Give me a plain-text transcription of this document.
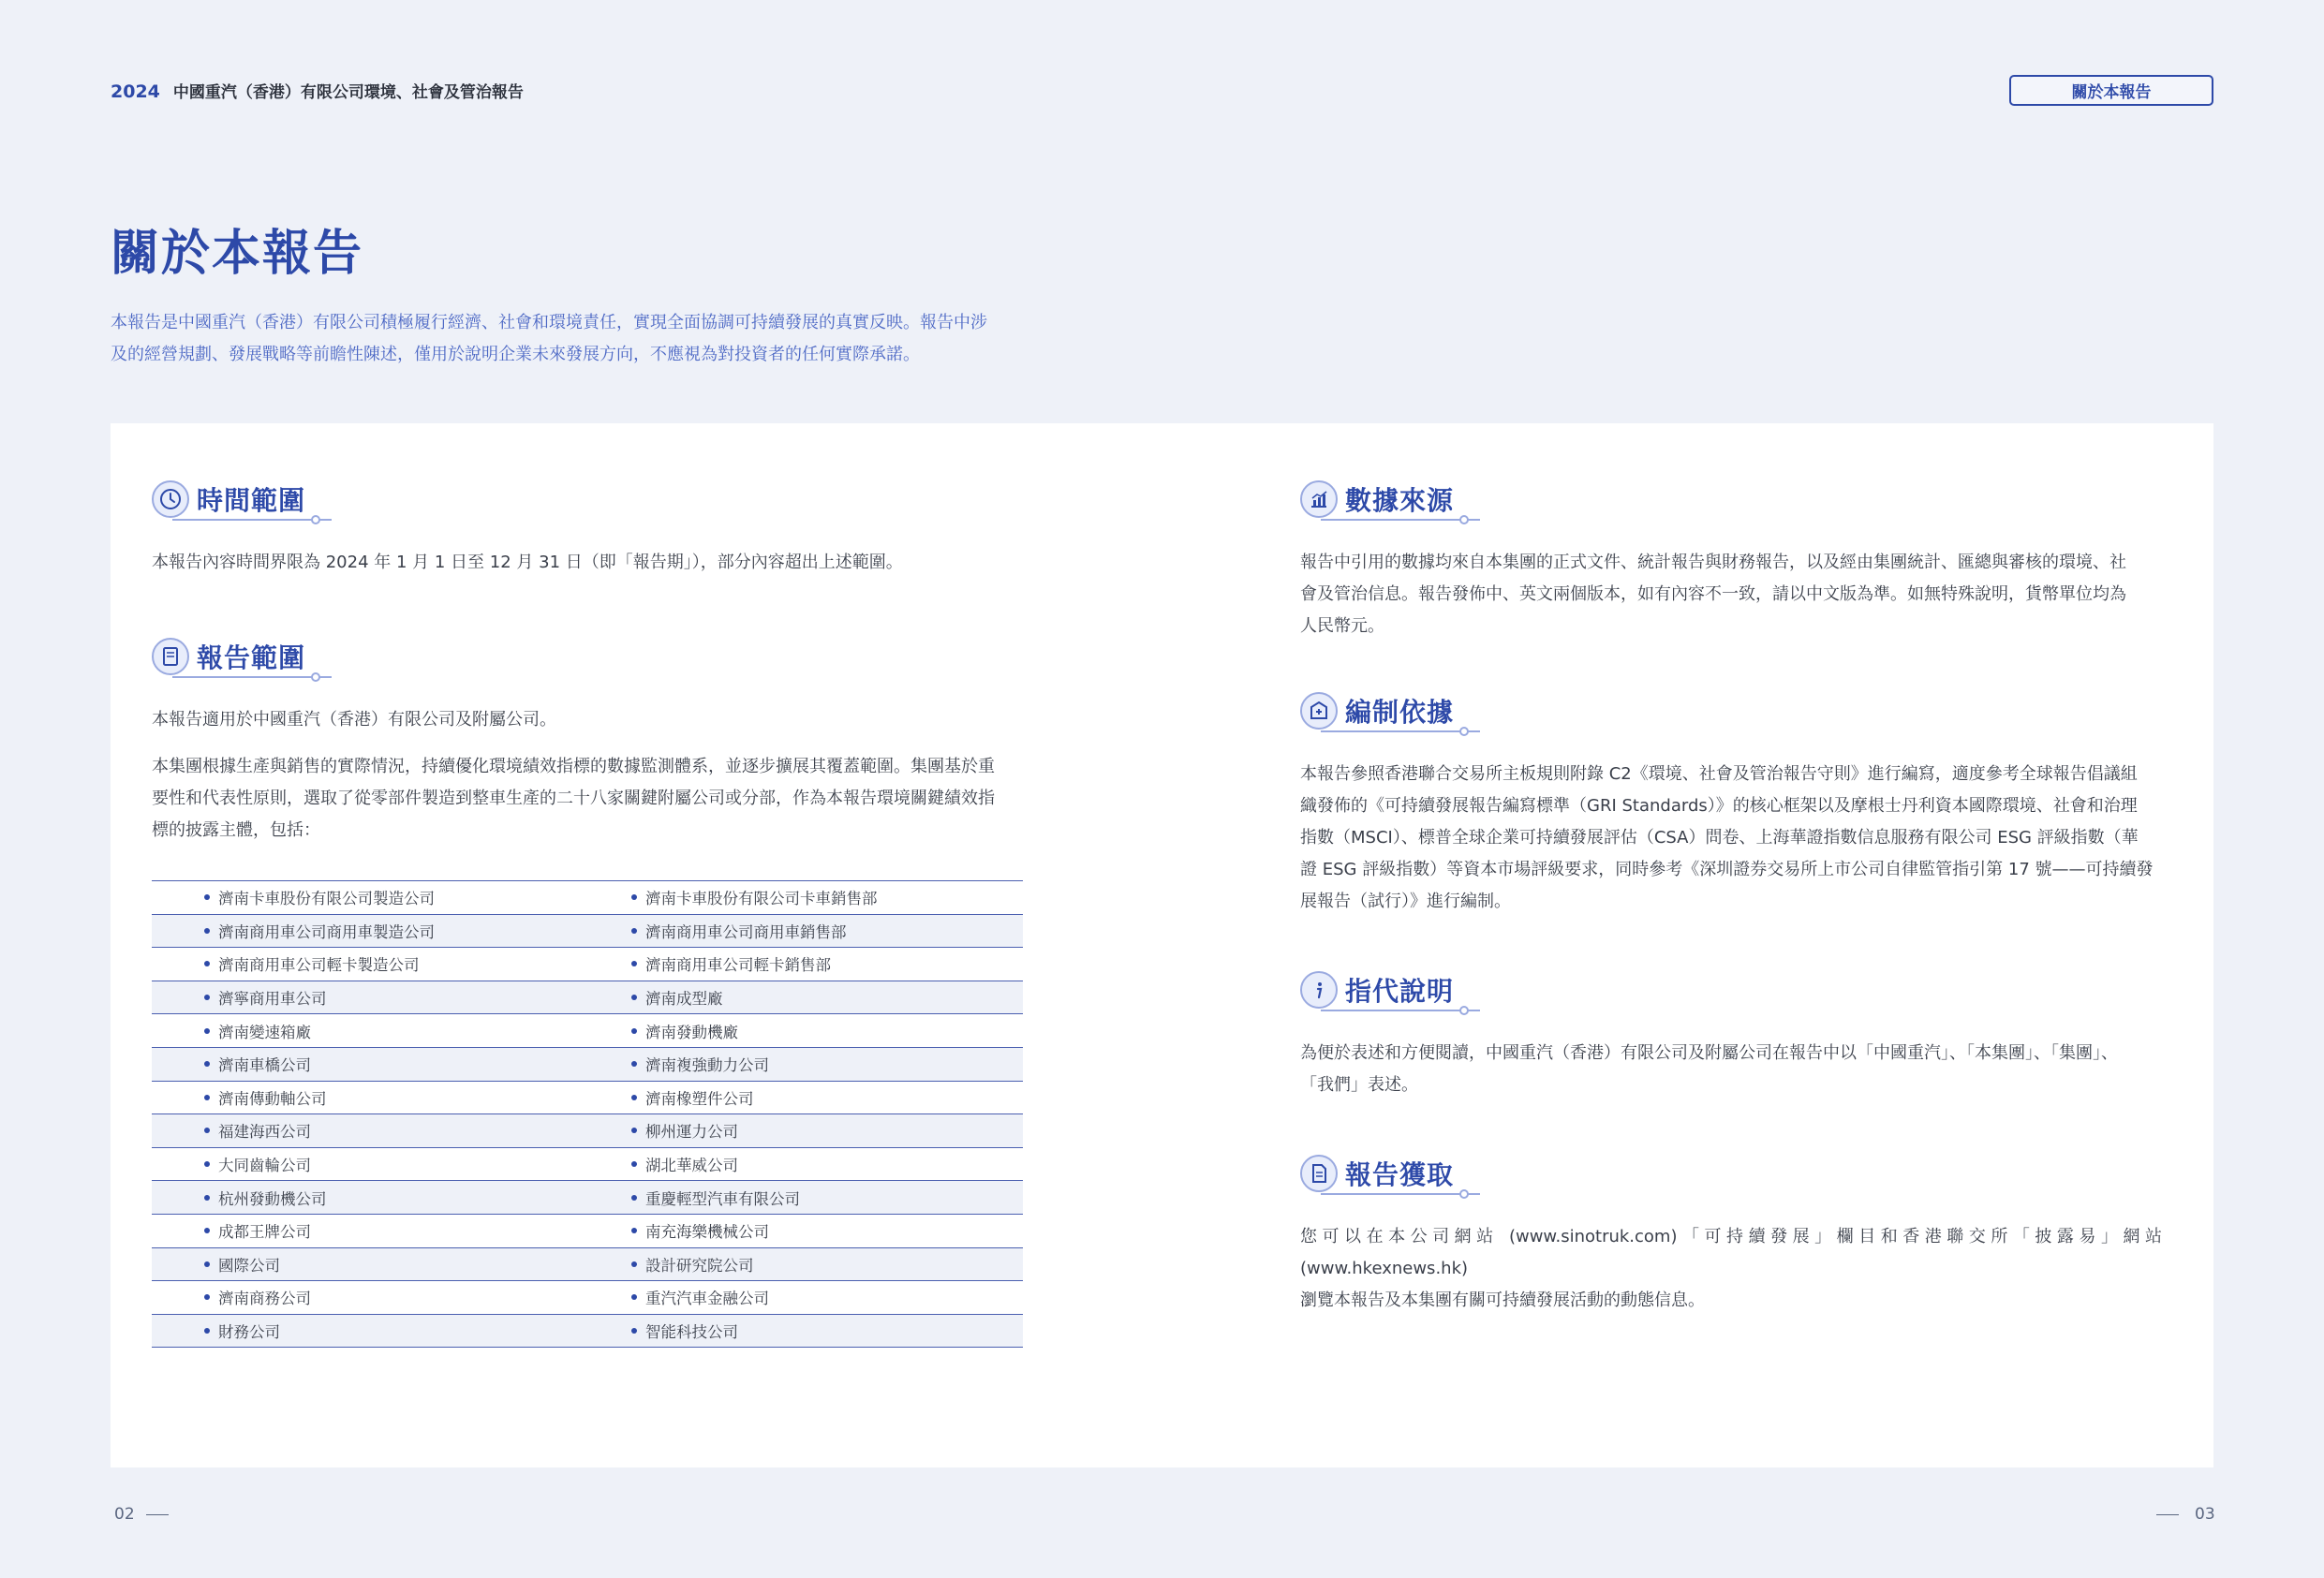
2024 中國重汽（香港）有限公司環境、社會及管治報告	關於本報告
關於本報告
本報告是中國重汽（香港）有限公司積極履行經濟、社會和環境責任，實現全面協調可持續發展的真實反映。報告中涉
及的經營規劃、發展戰略等前瞻性陳述，僅用於說明企業未來發展方向，不應視為對投資者的任何實際承諾。
時間範圍
本報告內容時間界限為 2024 年 1 月 1 日至 12 月 31 日（即「報告期」），部分內容超出上述範圍。
報告範圍
本報告適用於中國重汽（香港）有限公司及附屬公司。
本集團根據生產與銷售的實際情況，持續優化環境績效指標的數據監測體系，並逐步擴展其覆蓋範圍。集團基於重
要性和代表性原則，選取了從零部件製造到整車生產的二十八家關鍵附屬公司或分部，作為本報告環境關鍵績效指
標的披露主體，包括：
濟南卡車股份有限公司製造公司	濟南卡車股份有限公司卡車銷售部
濟南商用車公司商用車製造公司	濟南商用車公司商用車銷售部
濟南商用車公司輕卡製造公司	濟南商用車公司輕卡銷售部
濟寧商用車公司	濟南成型廠
濟南變速箱廠	濟南發動機廠
濟南車橋公司	濟南複強動力公司
濟南傳動軸公司	濟南橡塑件公司
福建海西公司	柳州運力公司
大同齒輪公司	湖北華威公司
杭州發動機公司	重慶輕型汽車有限公司
成都王牌公司	南充海樂機械公司
國際公司	設計研究院公司
濟南商務公司	重汽汽車金融公司
財務公司	智能科技公司
數據來源
報告中引用的數據均來自本集團的正式文件、統計報告與財務報告，以及經由集團統計、匯總與審核的環境、社
會及管治信息。報告發佈中、英文兩個版本，如有內容不一致，請以中文版為準。如無特殊說明，貨幣單位均為
人民幣元。
編制依據
本報告參照香港聯合交易所主板規則附錄 C2《環境、社會及管治報告守則》進行編寫，適度參考全球報告倡議組
織發佈的《可持續發展報告編寫標準（GRI Standards）》的核心框架以及摩根士丹利資本國際環境、社會和治理
指數（MSCI）、標普全球企業可持續發展評估（CSA）問卷、上海華證指數信息服務有限公司 ESG 評級指數（華
證 ESG 評級指數）等資本市場評級要求，同時參考《深圳證券交易所上市公司自律監管指引第 17 號——可持續發
展報告（試行）》進行編制。
指代說明
為便於表述和方便閱讀，中國重汽（香港）有限公司及附屬公司在報告中以「中國重汽」、「本集團」、「集團」、
「我們」表述。
報告獲取
您可以在本公司網站 (www.sinotruk.com)「可持續發展」欄目和香港聯交所「披露易」網站 (www.hkexnews.hk)
瀏覽本報告及本集團有關可持續發展活動的動態信息。
02	03
